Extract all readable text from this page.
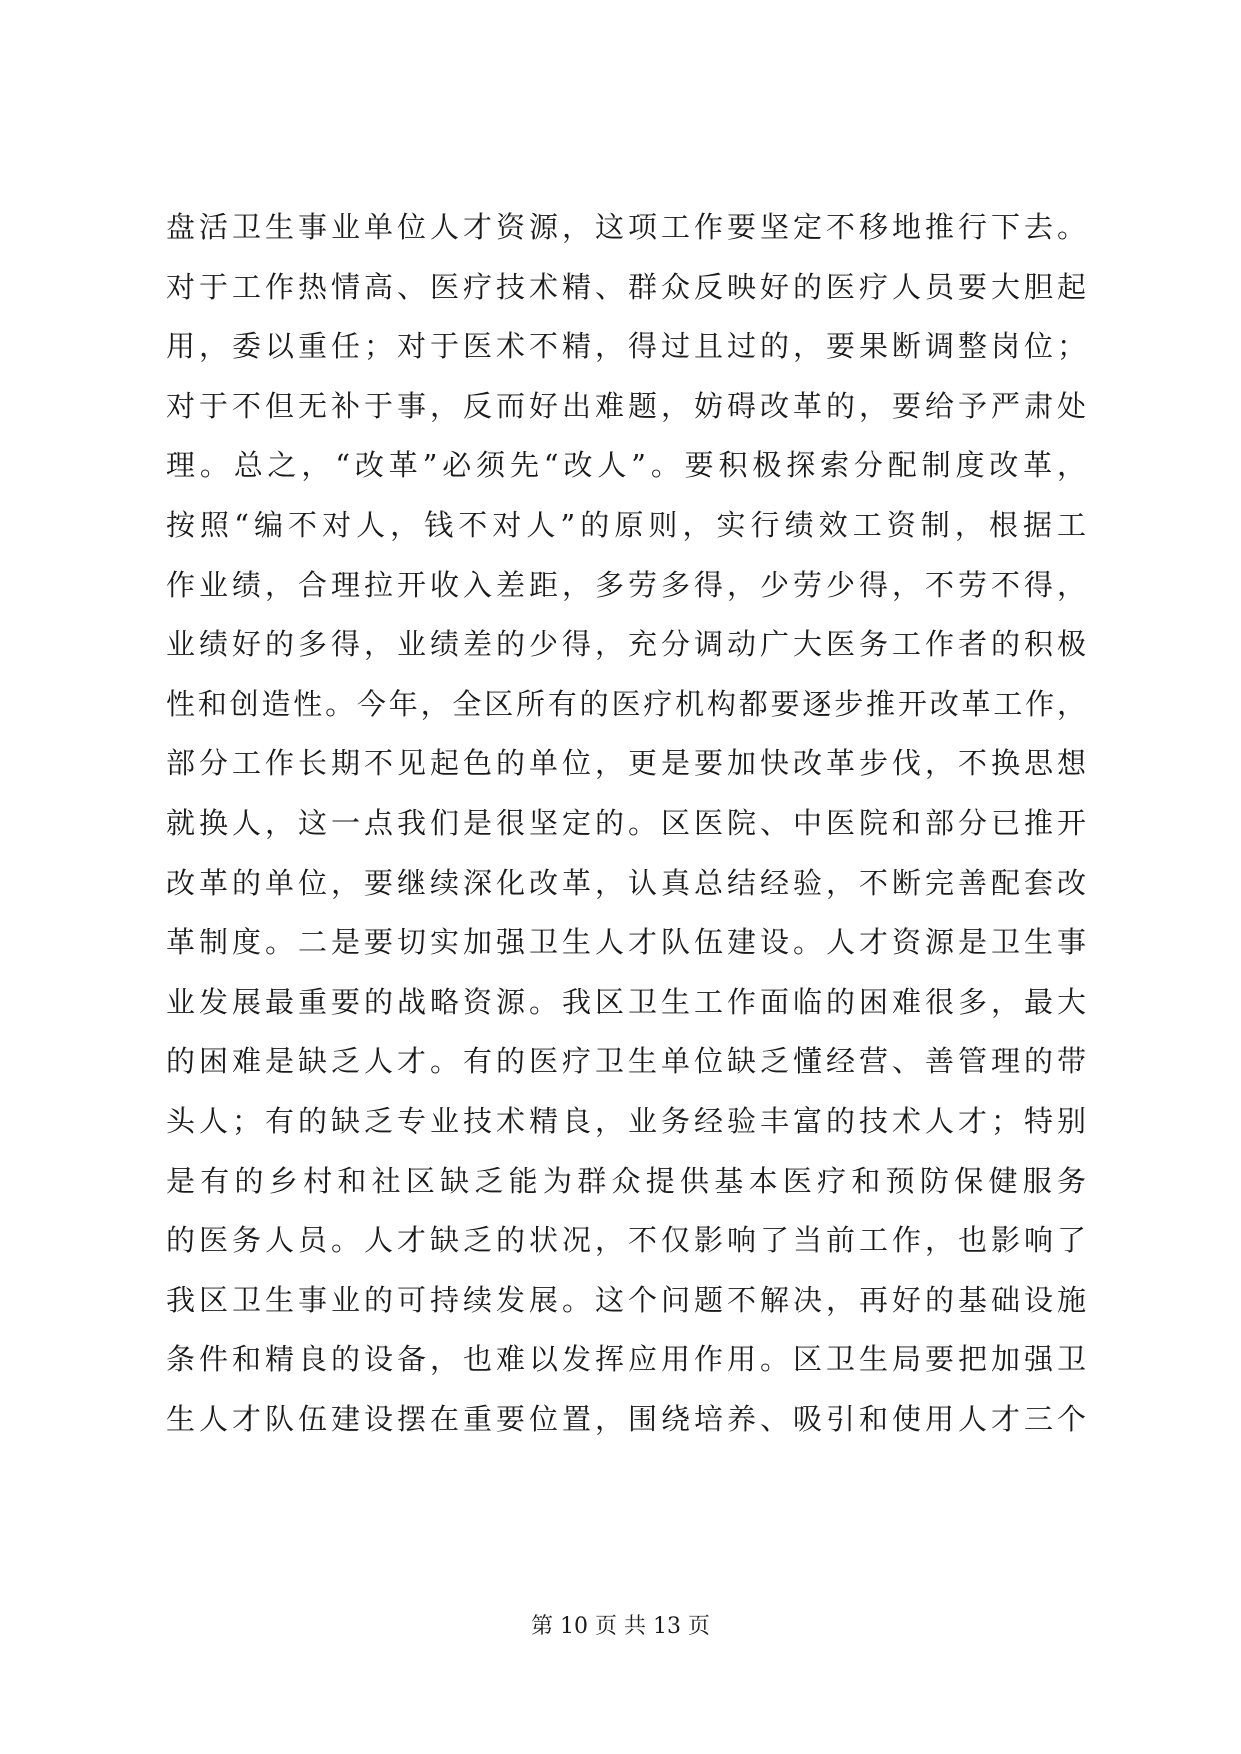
盘活卫生事业单位人才资源，这项工作要坚定不移地推行下去。
对于工作热情高、医疗技术精、群众反映好的医疗人员要大胆起
用，委以重任；对于医术不精，得过且过的，要果断调整岗位；
对于不但无补于事，反而好出难题，妨碍改革的，要给予严肃处
理。总之，“改革”必须先“改人”。要积极探索分配制度改革，
按照“编不对人，钱不对人”的原则，实行绩效工资制，根据工
作业绩，合理拉开收入差距，多劳多得，少劳少得，不劳不得，
业绩好的多得，业绩差的少得，充分调动广大医务工作者的积极
性和创造性。今年，全区所有的医疗机构都要逐步推开改革工作，
部分工作长期不见起色的单位，更是要加快改革步伐，不换思想
就换人，这一点我们是很坚定的。区医院、中医院和部分已推开
改革的单位，要继续深化改革，认真总结经验，不断完善配套改
革制度。二是要切实加强卫生人才队伍建设。人才资源是卫生事
业发展最重要的战略资源。我区卫生工作面临的困难很多，最大
的困难是缺乏人才。有的医疗卫生单位缺乏懂经营、善管理的带
头人；有的缺乏专业技术精良，业务经验丰富的技术人才；特别
是有的乡村和社区缺乏能为群众提供基本医疗和预防保健服务
的医务人员。人才缺乏的状况，不仅影响了当前工作，也影响了
我区卫生事业的可持续发展。这个问题不解决，再好的基础设施
条件和精良的设备，也难以发挥应用作用。区卫生局要把加强卫
生人才队伍建设摆在重要位置，围绕培养、吸引和使用人才三个
第 10 页 共 13 页
